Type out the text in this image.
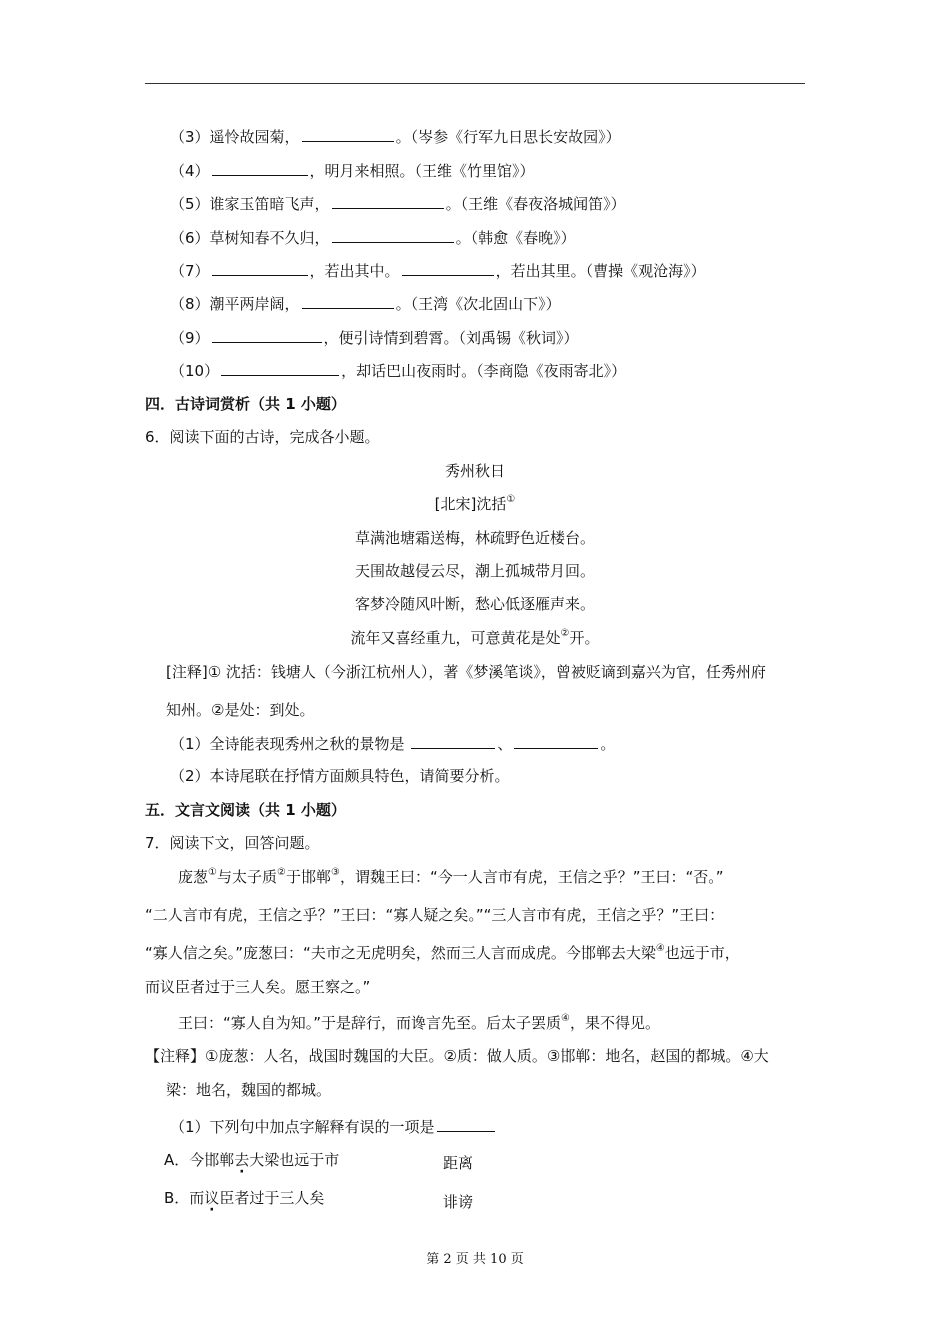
（3）遥怜故园菊，	。（岑参《行军九日思长安故园》）
（4）	，明月来相照。（王维《竹里馆》）
（5）谁家玉笛暗飞声，	。（王维《春夜洛城闻笛》）
（6）草树知春不久归，	。（韩愈《春晚》）
（7）	，若出其中。	，若出其里。（曹操《观沧海》）
（8）潮平两岸阔，	。（王湾《次北固山下》）
（9）	，便引诗情到碧霄。（刘禹锡《秋词》）
（10）	，却话巴山夜雨时。（李商隐《夜雨寄北》）
四．古诗词赏析（共 1 小题）
6．阅读下面的古诗，完成各小题。
秀州秋日
[北宋]沈括①
草满池塘霜送梅，林疏野色近楼台。
天围故越侵云尽，潮上孤城带月回。
客梦冷随风叶断，愁心低逐雁声来。
流年又喜经重九，可意黄花是处②开。
[注释]① 沈括：钱塘人（今浙江杭州人），著《梦溪笔谈》，曾被贬谪到嘉兴为官，任秀州府
知州。②是处：到处。
（1）全诗能表现秀州之秋的景物是	、	。
（2）本诗尾联在抒情方面颇具特色，请简要分析。
五．文言文阅读（共 1 小题）
7．阅读下文，回答问题。
庞葱①与太子质②于邯郸③，谓魏王曰：“今一人言市有虎，王信之乎？”王曰：“否。”
“二人言市有虎，王信之乎？”王曰：“寡人疑之矣。”“三人言市有虎，王信之乎？”王曰：
“寡人信之矣。”庞葱曰：“夫市之无虎明矣，然而三人言而成虎。今邯郸去大梁④也远于市，
而议臣者过于三人矣。愿王察之。”
王曰：“寡人自为知。”于是辞行，而谗言先至。后太子罢质④，果不得见。
【注释】①庞葱：人名，战国时魏国的大臣。②质：做人质。③邯郸：地名，赵国的都城。④大
梁：地名，魏国的都城。
（1）下列句中加点字解释有误的一项是
A．今邯郸去大梁也远于市	距离
B．而议臣者过于三人矣	诽谤
第 2 页 共 10 页
